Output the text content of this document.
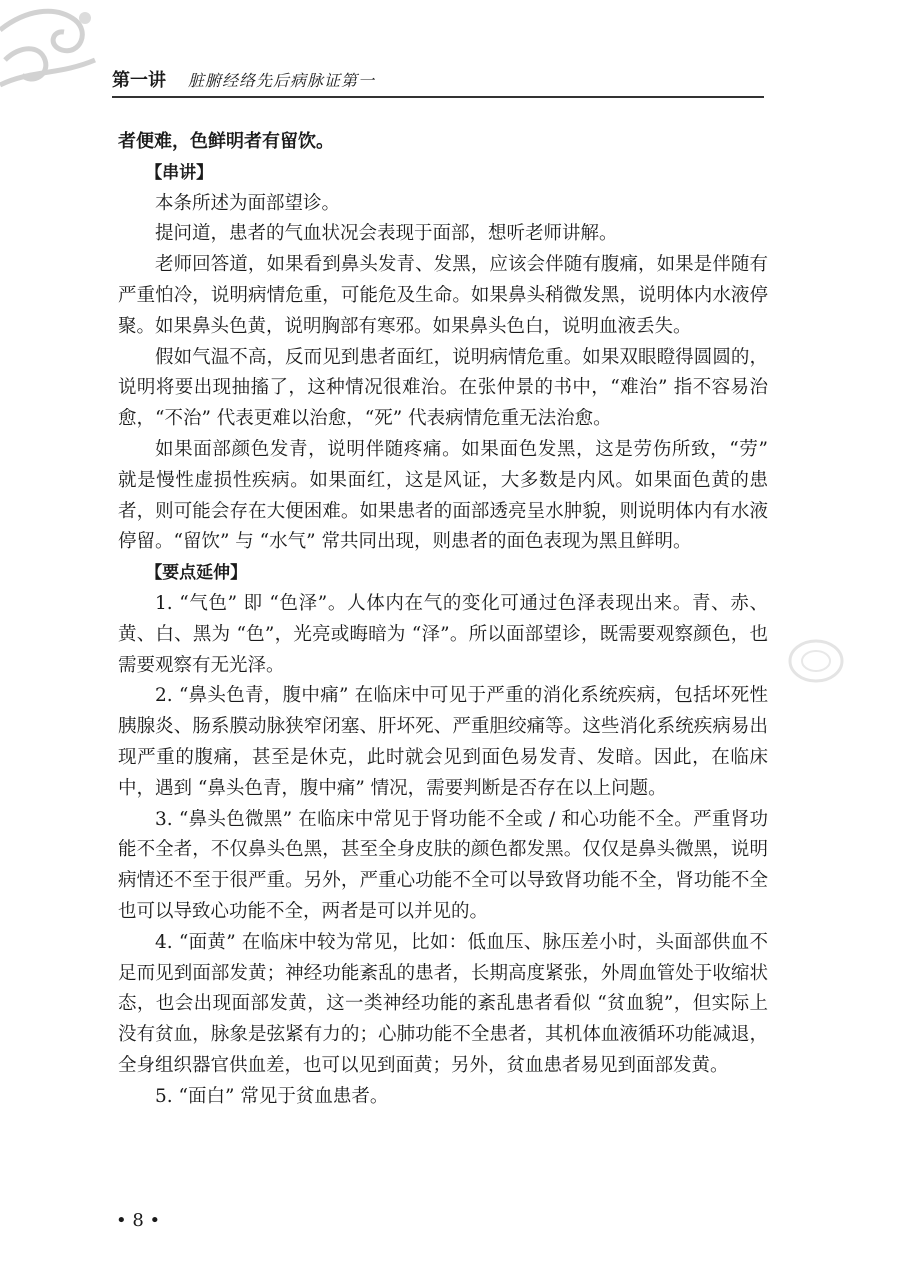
第一讲 脏腑经络先后病脉证第一

者便难，色鲜明者有留饮。

【串讲】

本条所述为面部望诊。

提问道，患者的气血状况会表现于面部，想听老师讲解。

老师回答道，如果看到鼻头发青、发黑，应该会伴随有腹痛，如果是伴随有严重怕冷，说明病情危重，可能危及生命。如果鼻头稍微发黑，说明体内水液停聚。如果鼻头色黄，说明胸部有寒邪。如果鼻头色白，说明血液丢失。

假如气温不高，反而见到患者面红，说明病情危重。如果双眼瞪得圆圆的，说明将要出现抽搐了，这种情况很难治。在张仲景的书中，“难治” 指不容易治愈，“不治” 代表更难以治愈，“死” 代表病情危重无法治愈。

如果面部颜色发青，说明伴随疼痛。如果面色发黑，这是劳伤所致，“劳” 就是慢性虚损性疾病。如果面红，这是风证，大多数是内风。如果面色黄的患者，则可能会存在大便困难。如果患者的面部透亮呈水肿貌，则说明体内有水液停留。“留饮” 与 “水气” 常共同出现，则患者的面色表现为黑且鲜明。

【要点延伸】

1. “气色” 即 “色泽”。人体内在气的变化可通过色泽表现出来。青、赤、黄、白、黑为 “色”，光亮或晦暗为 “泽”。所以面部望诊，既需要观察颜色，也需要观察有无光泽。

2. “鼻头色青，腹中痛” 在临床中可见于严重的消化系统疾病，包括坏死性胰腺炎、肠系膜动脉狭窄闭塞、肝坏死、严重胆绞痛等。这些消化系统疾病易出现严重的腹痛，甚至是休克，此时就会见到面色易发青、发暗。因此，在临床中，遇到 “鼻头色青，腹中痛” 情况，需要判断是否存在以上问题。

3. “鼻头色微黑” 在临床中常见于肾功能不全或 / 和心功能不全。严重肾功能不全者，不仅鼻头色黑，甚至全身皮肤的颜色都发黑。仅仅是鼻头微黑，说明病情还不至于很严重。另外，严重心功能不全可以导致肾功能不全，肾功能不全也可以导致心功能不全，两者是可以并见的。

4. “面黄” 在临床中较为常见，比如：低血压、脉压差小时，头面部供血不足而见到面部发黄；神经功能紊乱的患者，长期高度紧张，外周血管处于收缩状态，也会出现面部发黄，这一类神经功能的紊乱患者看似 “贫血貌”，但实际上没有贫血，脉象是弦紧有力的；心肺功能不全患者，其机体血液循环功能减退，全身组织器官供血差，也可以见到面黄；另外，贫血患者易见到面部发黄。

5. “面白” 常见于贫血患者。

• 8 •
